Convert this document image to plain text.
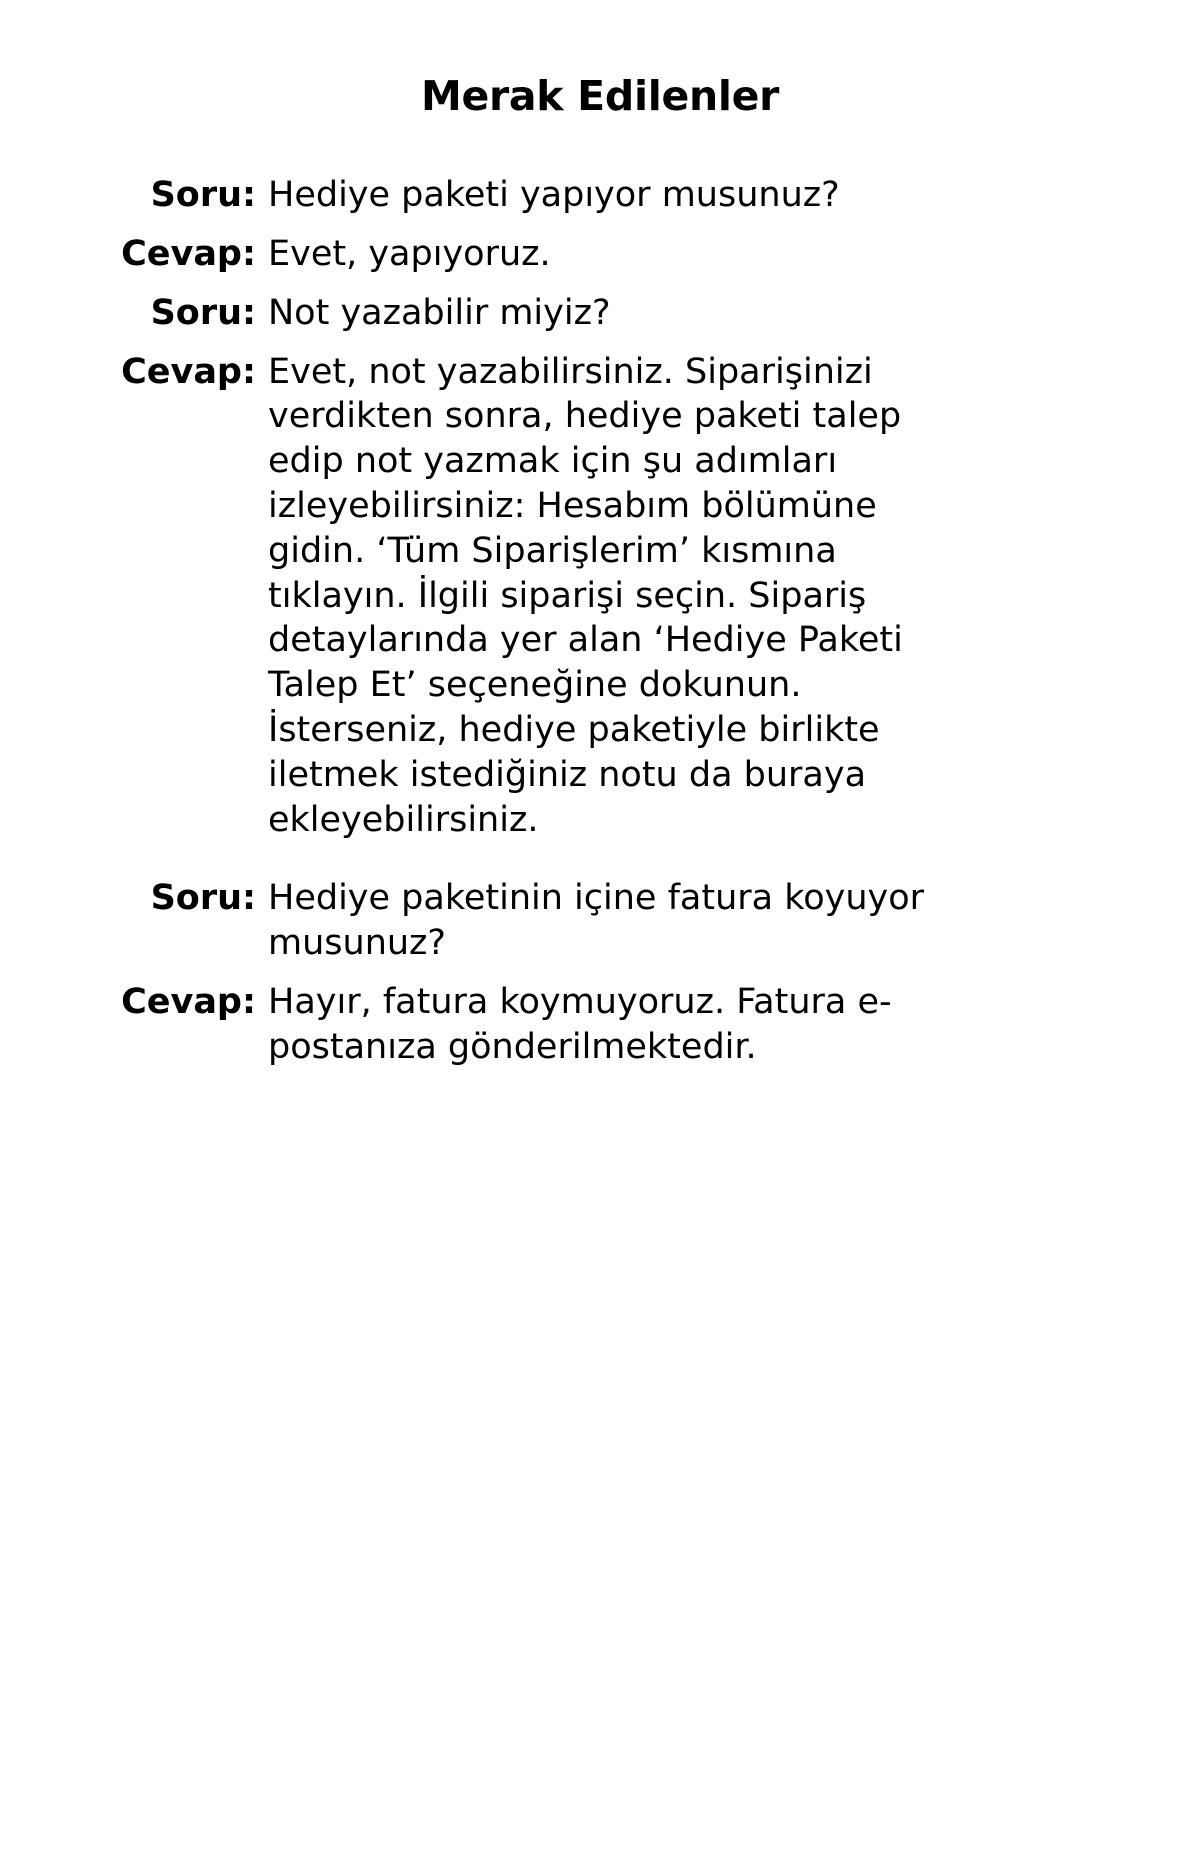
Merak Edilenler
Soru: Hediye paketi yapıyor musunuz?
Cevap: Evet, yapıyoruz.
Soru: Not yazabilir miyiz?
Cevap: Evet, not yazabilirsiniz. Siparişinizi verdikten sonra, hediye paketi talep edip not yazmak için şu adımları izleyebilirsiniz: Hesabım bölümüne gidin. ‘Tüm Siparişlerim’ kısmına tıklayın. İlgili siparişi seçin. Sipariş detaylarında yer alan ‘Hediye Paketi Talep Et’ seçeneğine dokunun. İsterseniz, hediye paketiyle birlikte iletmek istediğiniz notu da buraya ekleyebilirsiniz.
Soru: Hediye paketinin içine fatura koyuyor musunuz?
Cevap: Hayır, fatura koymuyoruz. Fatura e-postanıza gönderilmektedir.
